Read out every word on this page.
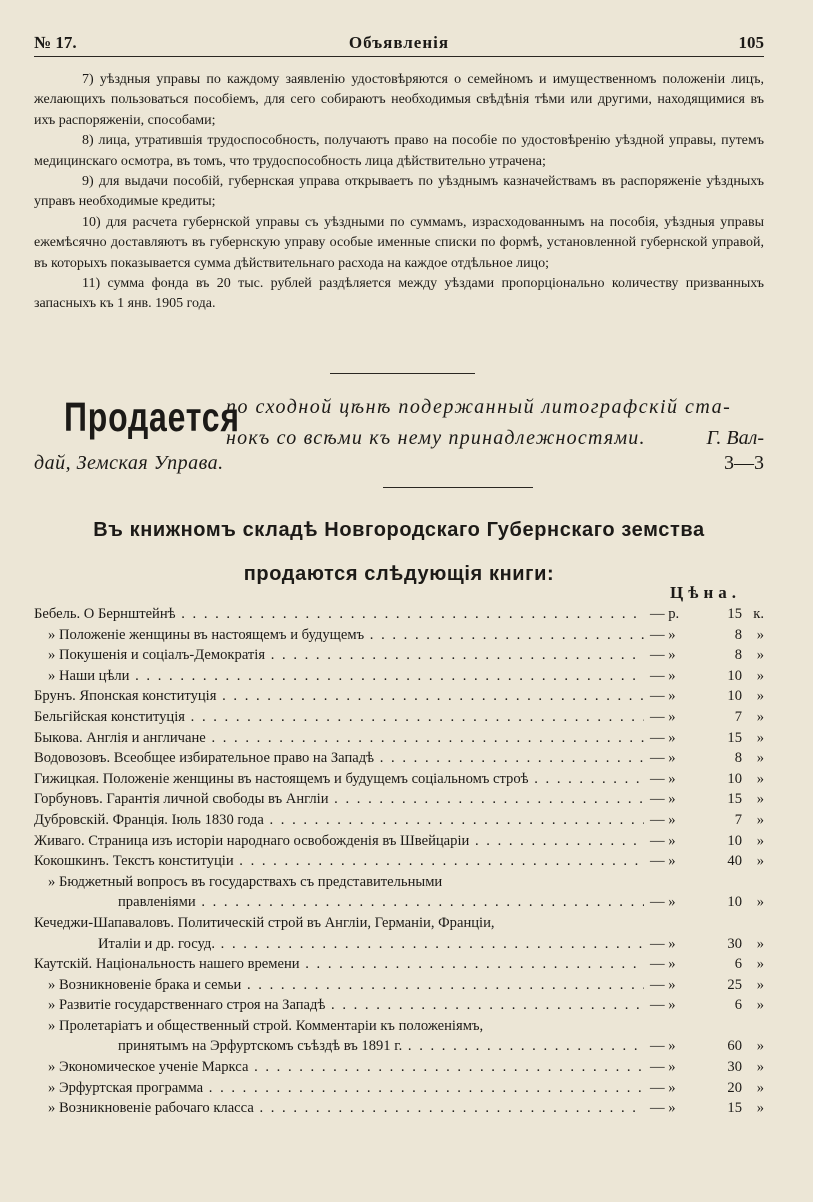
№ 17.	Объявленія	105

7) уѣздныя управы по каждому заявленію удостовѣряются о семейномъ и имущественномъ положеніи лицъ, желающихъ пользоваться пособіемъ, для сего собираютъ необходимыя свѣдѣнія тѣми или другими, находящимися въ ихъ распоряженіи, способами;

8) лица, утратившія трудоспособность, получаютъ право на пособіе по удостовѣренію уѣздной управы, путемъ медицинскаго осмотра, въ томъ, что трудоспособность лица дѣйствительно утрачена;

9) для выдачи пособій, губернская управа открываетъ по уѣзднымъ казначействамъ въ распоряженіе уѣздныхъ управъ необходимые кредиты;

10) для расчета губернской управы съ уѣздными по суммамъ, израсходованнымъ на пособія, уѣздныя управы ежемѣсячно доставляютъ въ губернскую управу особые именные списки по формѣ, установленной губернской управой, въ которыхъ показывается сумма дѣйствительнаго расхода на каждое отдѣльное лицо;

11) сумма фонда въ 20 тыс. рублей раздѣляется между уѣздами пропорціонально количеству призванныхъ запасныхъ къ 1 янв. 1905 года.

Продается
по сходной цѣнѣ подержанный литографскій ста-
нокъ со всѣми къ нему принадлежностями.	Г. Вал-
дай, Земская Управа.	3—3
Въ книжномъ складѣ Новгородскаго Губернскаго земства продаются слѣдующія книги:
Цѣна.
Бебель. О Бернштейнѣ . . .	— р.	15 к.
» Положеніе женщины въ настоящемъ и будущемъ . . .	— »	8	»
» Покушенія и соціалъ-Демократія . . .	— »	8	»
» Наши цѣли . . .	— »	10	»
Брунъ. Японская конституція . . .	— »	10	»
Бельгійская конституція . . .	— »	7	»
Быкова. Англія и англичане . . .	— »	15	»
Водовозовъ. Всеобщее избирательное право на Западѣ . . .	— »	8	»
Гижицкая. Положеніе женщины въ настоящемъ и будущемъ соціальномъ строѣ . . .	— »	10	»
Горбуновъ. Гарантія личной свободы въ Англіи . . .	— »	15	»
Дубровскій. Франція. Іюль 1830 года . . .	— »	7	»
Живаго. Страница изъ исторіи народнаго освобожденія въ Швейцаріи . . .	— »	10	»
Кокошкинъ. Текстъ конституціи . . .	— »	40	»
» Бюджетный вопросъ въ государствахъ съ представительными
правленіями . . .	— »	10	»
Кечеджи-Шапаваловъ. Политическій строй въ Англіи, Германіи, Франціи,
Италіи и др. госуд. . . .	— »	30	»
Каутскій. Національность нашего времени . . .	— »	6	»
» Возникновеніе брака и семьи . . .	— »	25	»
» Развитіе государственнаго строя на Западѣ . . .	— »	6	»
» Пролетаріатъ и общественный строй. Комментаріи къ положеніямъ,
принятымъ на Эрфуртскомъ съѣздѣ въ 1891 г. . . .	— »	60	»
» Экономическое ученіе Маркса . . .	— »	30	»
» Эрфуртская программа . . .	— »	20	»
» Возникновеніе рабочаго класса . . .	— »	15	»
